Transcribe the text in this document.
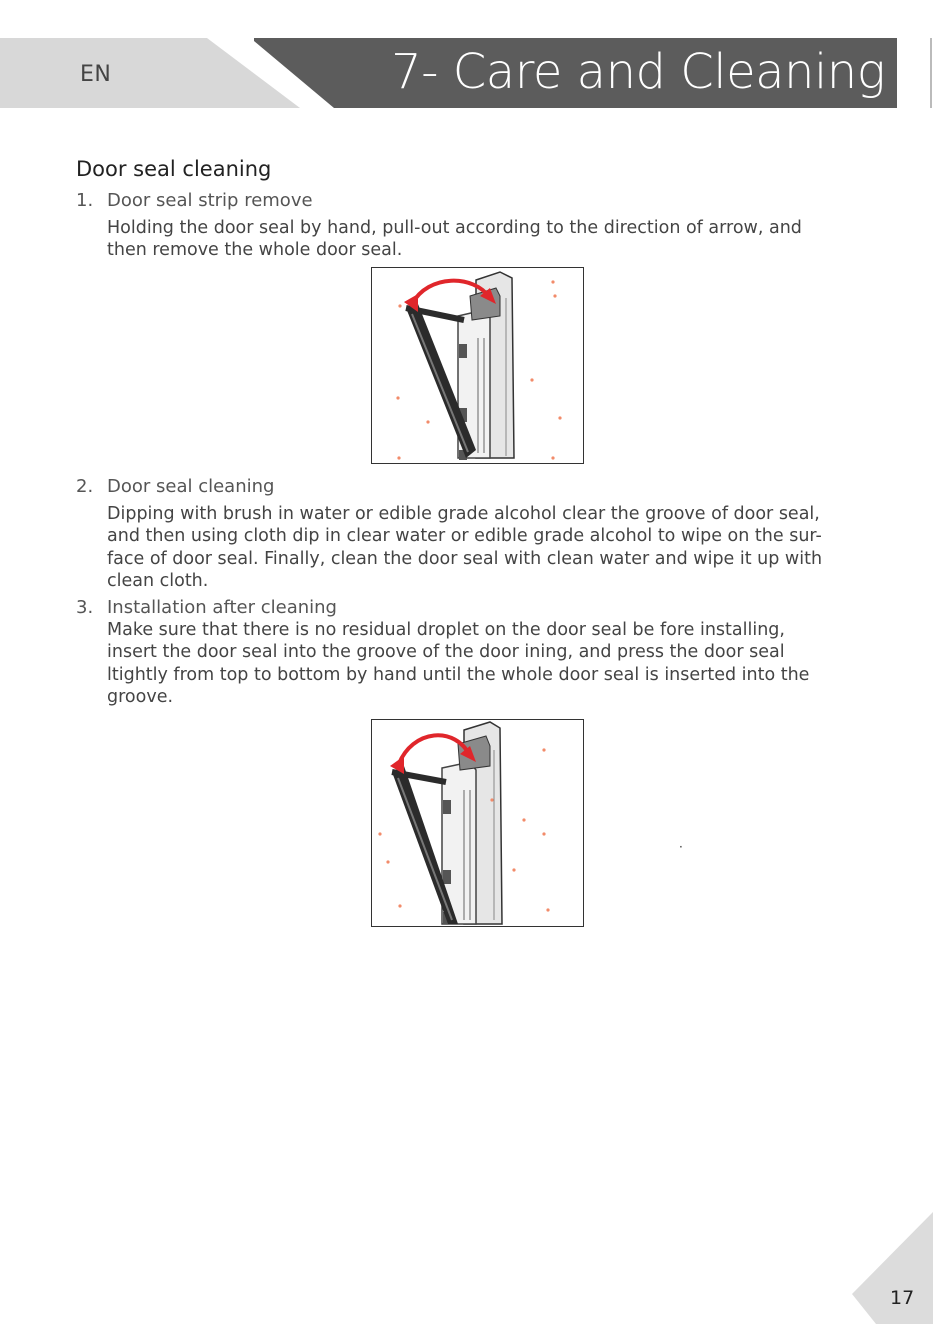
EN	7- Care and Cleaning
Door seal cleaning
1. Door seal strip remove
Holding the door seal by hand, pull-out according to the direction of arrow, and
then remove the whole door seal.
2. Door seal cleaning
Dipping with brush in water or edible grade alcohol clear the groove of door seal,
and then using cloth dip in clear water or edible grade alcohol to wipe on the sur-
face of door seal. Finally, clean the door seal with clean water and wipe it up with
clean cloth.
3. Installation after cleaning
Make sure that there is no residual droplet on the door seal be fore installing,
insert the door seal into the groove of the door ining, and press the door seal
ltightly from top to bottom by hand until the whole door seal is inserted into the
groove.
·
17
